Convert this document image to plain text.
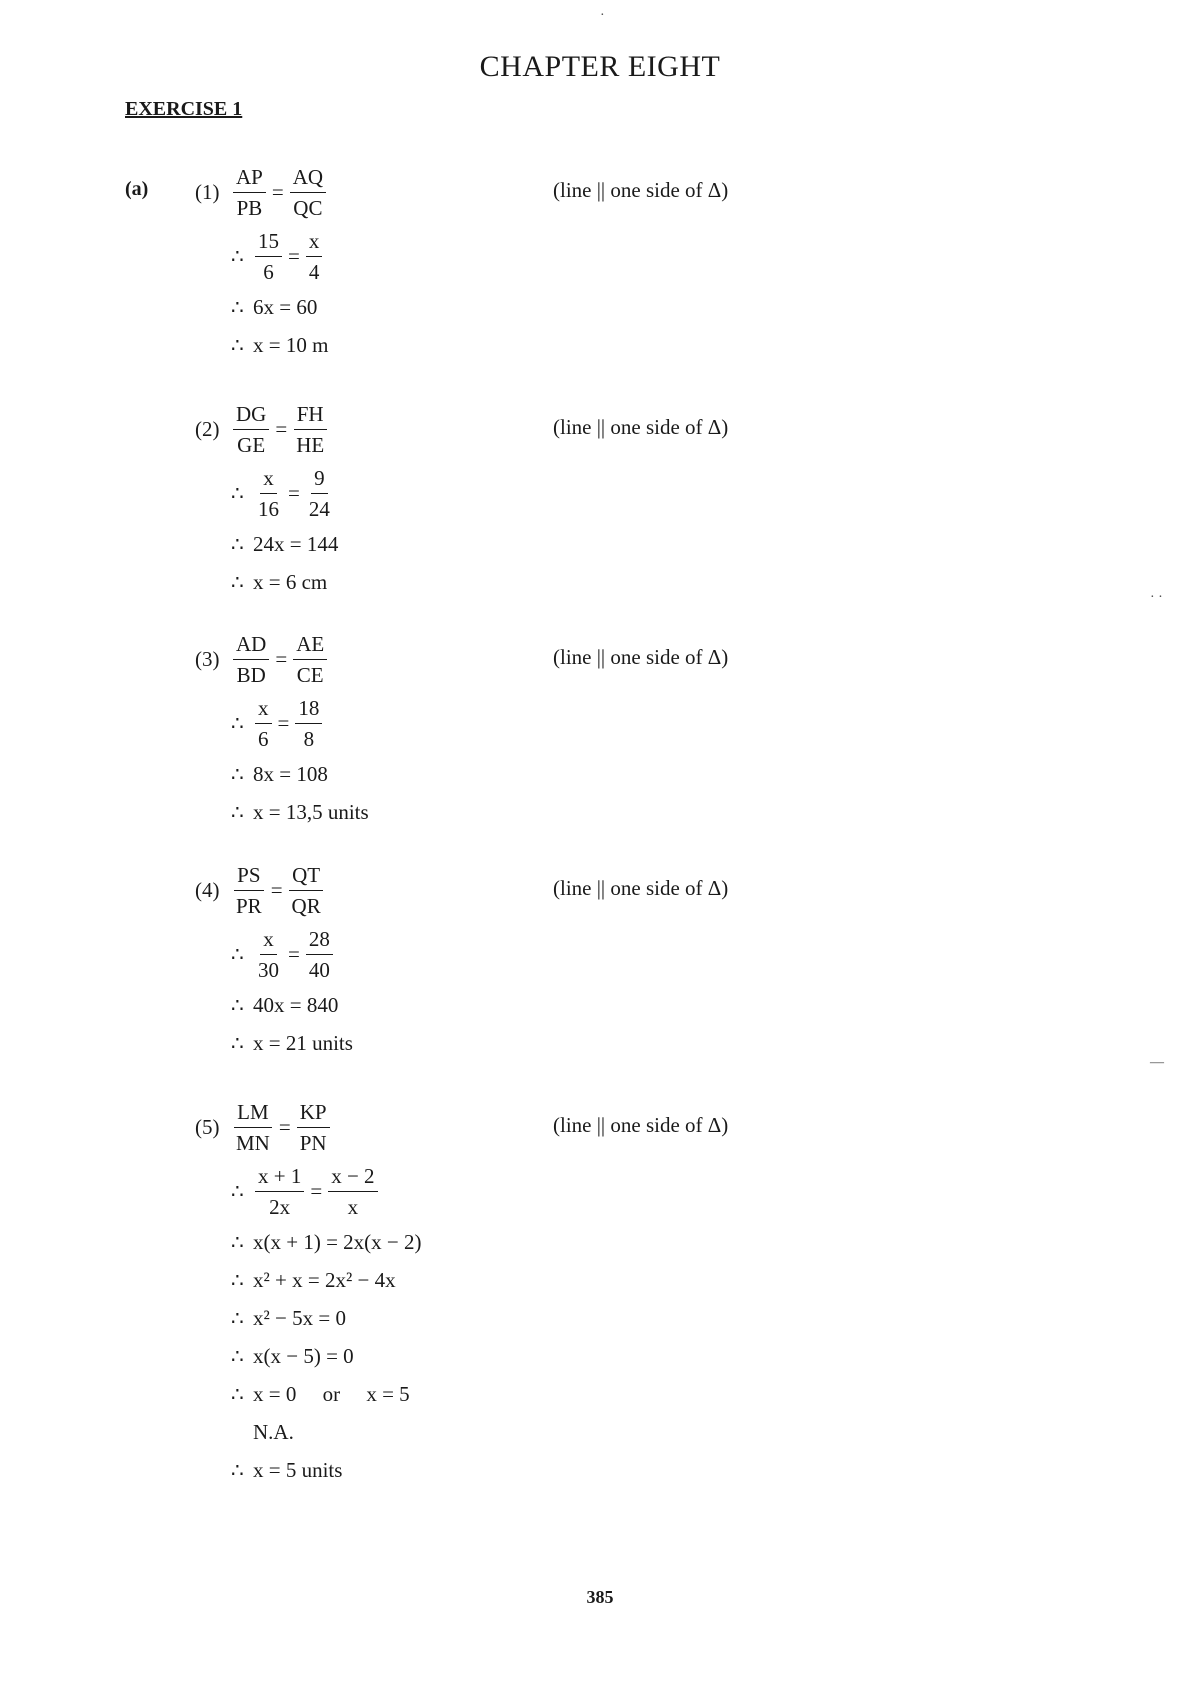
·
· ·
—
CHAPTER EIGHT
EXERCISE 1
(a)	(line || one side of Δ)
$(1) \frac{AP}{PB} = \frac{AQ}{QC}$
∴ $\frac{15}{6} = \frac{x}{4}$
∴ 6x = 60
∴ x = 10 m
(line || one side of Δ)
$(2) \frac{DG}{GE} = \frac{FH}{HE}$
∴ $\frac{x}{16} = \frac{9}{24}$
∴ 24x = 144
∴ x = 6 cm
(line || one side of Δ)
$(3) \frac{AD}{BD} = \frac{AE}{CE}$
∴ $\frac{x}{6} = \frac{18}{8}$
∴ 8x = 108
∴ x = 13,5 units
(line || one side of Δ)
$(4) \frac{PS}{PR} = \frac{QT}{QR}$
∴ $\frac{x}{30} = \frac{28}{40}$
∴ 40x = 840
∴ x = 21 units
(line || one side of Δ)
$(5) \frac{LM}{MN} = \frac{KP}{PN}$
∴ $\frac{x + 1}{2x} = \frac{x - 2}{x}$
∴ x(x + 1) = 2x(x − 2)
∴ x² + x = 2x² − 4x
∴ x² − 5x = 0
∴ x(x − 5) = 0
∴ x = 0     or     x = 5
N.A.
∴ x = 5 units
385
